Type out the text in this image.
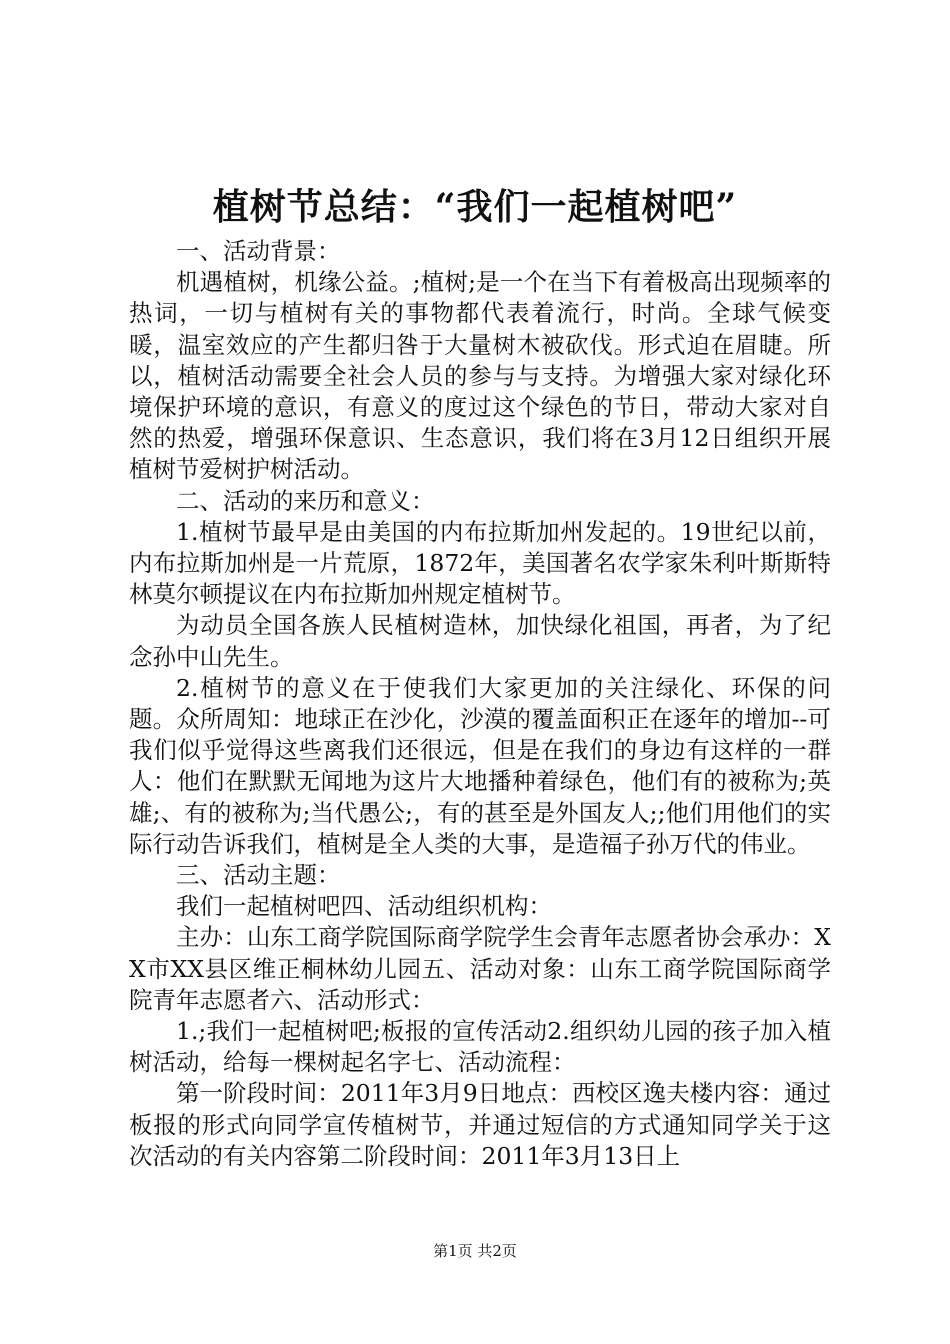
植树节总结：“我们一起植树吧”

一、活动背景：

机遇植树，机缘公益。;植树;是一个在当下有着极高出现频率的热词，一切与植树有关的事物都代表着流行，时尚。全球气候变暖，温室效应的产生都归咎于大量树木被砍伐。形式迫在眉睫。所以，植树活动需要全社会人员的参与与支持。为增强大家对绿化环境保护环境的意识，有意义的度过这个绿色的节日，带动大家对自然的热爱，增强环保意识、生态意识，我们将在3月12日组织开展植树节爱树护树活动。

二、活动的来历和意义：

1.植树节最早是由美国的内布拉斯加州发起的。19世纪以前，内布拉斯加州是一片荒原，1872年，美国著名农学家朱利叶斯斯特林莫尔顿提议在内布拉斯加州规定植树节。

为动员全国各族人民植树造林，加快绿化祖国，再者，为了纪念孙中山先生。

2.植树节的意义在于使我们大家更加的关注绿化、环保的问题。众所周知：地球正在沙化，沙漠的覆盖面积正在逐年的增加--可我们似乎觉得这些离我们还很远，但是在我们的身边有这样的一群人：他们在默默无闻地为这片大地播种着绿色，他们有的被称为;英雄;、有的被称为;当代愚公;，有的甚至是外国友人;;他们用他们的实际行动告诉我们，植树是全人类的大事，是造福子孙万代的伟业。

三、活动主题：

我们一起植树吧四、活动组织机构：

主办：山东工商学院国际商学院学生会青年志愿者协会承办：XX市XX县区维正桐林幼儿园五、活动对象：山东工商学院国际商学院青年志愿者六、活动形式：

1.;我们一起植树吧;板报的宣传活动2.组织幼儿园的孩子加入植树活动，给每一棵树起名字七、活动流程：

第一阶段时间：2011年3月9日地点：西校区逸夫楼内容：通过板报的形式向同学宣传植树节，并通过短信的方式通知同学关于这次活动的有关内容第二阶段时间：2011年3月13日上

第1页 共2页
